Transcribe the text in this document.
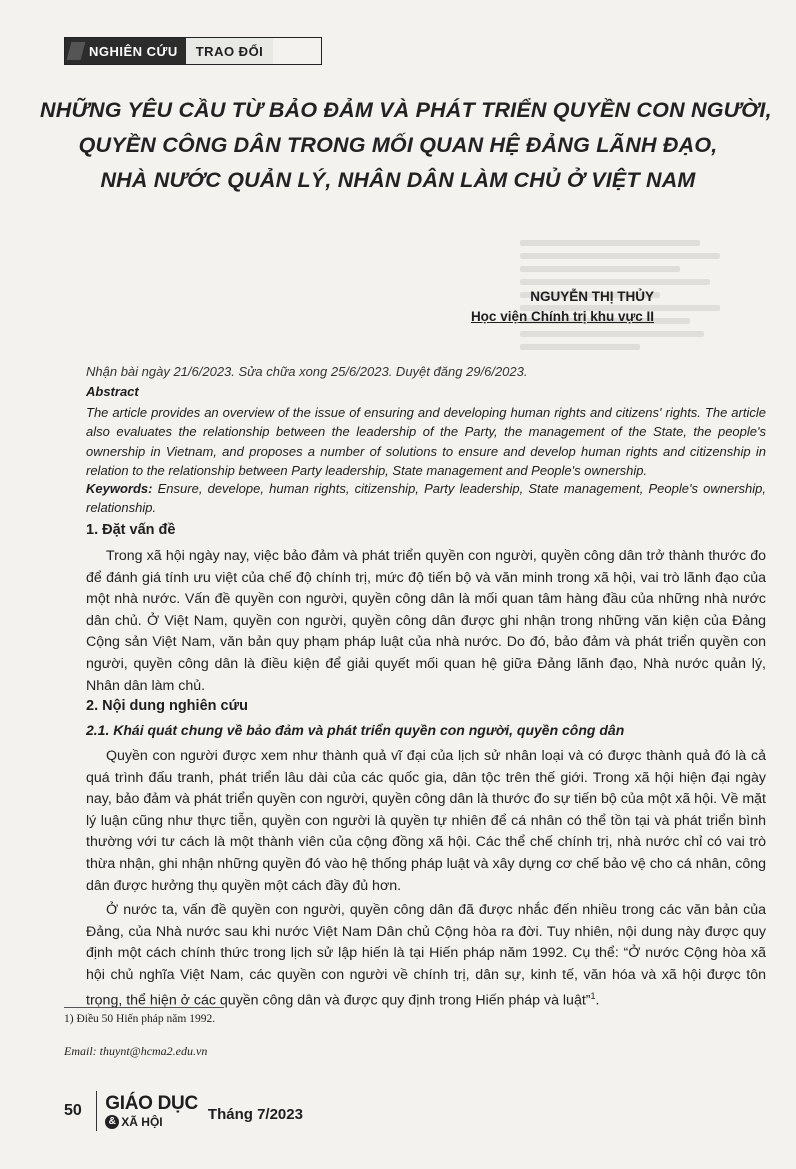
NGHIÊN CỨU	TRAO ĐỔI
NHỮNG YÊU CẦU TỪ BẢO ĐẢM VÀ PHÁT TRIỂN QUYỀN CON NGƯỜI,
QUYỀN CÔNG DÂN TRONG MỐI QUAN HỆ ĐẢNG LÃNH ĐẠO,
NHÀ NƯỚC QUẢN LÝ, NHÂN DÂN LÀM CHỦ Ở VIỆT NAM
NGUYỄN THỊ THỦY
Học viện Chính trị khu vực II
Nhận bài ngày 21/6/2023. Sửa chữa xong 25/6/2023. Duyệt đăng 29/6/2023.
Abstract
The article provides an overview of the issue of ensuring and developing human rights and citizens' rights. The article also evaluates the relationship between the leadership of the Party, the management of the State, the people's ownership in Vietnam, and proposes a number of solutions to ensure and develop human rights and citizenship in relation to the relationship between Party leadership, State management and People's ownership.
Keywords: Ensure, develope, human rights, citizenship, Party leadership, State management, People's ownership, relationship.
1. Đặt vấn đề
Trong xã hội ngày nay, việc bảo đảm và phát triển quyền con người, quyền công dân trở thành thước đo để đánh giá tính ưu việt của chế độ chính trị, mức độ tiến bộ và văn minh trong xã hội, vai trò lãnh đạo của một nhà nước. Vấn đề quyền con người, quyền công dân là mối quan tâm hàng đầu của những nhà nước dân chủ. Ở Việt Nam, quyền con người, quyền công dân được ghi nhận trong những văn kiện của Đảng Cộng sản Việt Nam, văn bản quy phạm pháp luật của nhà nước. Do đó, bảo đảm và phát triển quyền con người, quyền công dân là điều kiện để giải quyết mối quan hệ giữa Đảng lãnh đạo, Nhà nước quản lý, Nhân dân làm chủ.
2. Nội dung nghiên cứu
2.1. Khái quát chung về bảo đảm và phát triển quyền con người, quyền công dân
Quyền con người được xem như thành quả vĩ đại của lịch sử nhân loại và có được thành quả đó là cả quá trình đấu tranh, phát triển lâu dài của các quốc gia, dân tộc trên thế giới. Trong xã hội hiện đại ngày nay, bảo đảm và phát triển quyền con người, quyền công dân là thước đo sự tiến bộ của một xã hội. Về mặt lý luận cũng như thực tiễn, quyền con người là quyền tự nhiên để cá nhân có thể tồn tại và phát triển bình thường với tư cách là một thành viên của cộng đồng xã hội. Các thể chế chính trị, nhà nước chỉ có vai trò thừa nhận, ghi nhận những quyền đó vào hệ thống pháp luật và xây dựng cơ chế bảo vệ cho cá nhân, công dân được hưởng thụ quyền một cách đầy đủ hơn.
Ở nước ta, vấn đề quyền con người, quyền công dân đã được nhắc đến nhiều trong các văn bản của Đảng, của Nhà nước sau khi nước Việt Nam Dân chủ Cộng hòa ra đời. Tuy nhiên, nội dung này được quy định một cách chính thức trong lịch sử lập hiến là tại Hiến pháp năm 1992. Cụ thể: “Ở nước Cộng hòa xã hội chủ nghĩa Việt Nam, các quyền con người về chính trị, dân sự, kinh tế, văn hóa và xã hội được tôn trọng, thể hiện ở các quyền công dân và được quy định trong Hiến pháp và luật”$^1$.
1) Điều 50 Hiến pháp năm 1992.
Email: thuynt@hcma2.edu.vn
50 GIÁO DỤC
& XÃ HỘI	Tháng 7/2023
